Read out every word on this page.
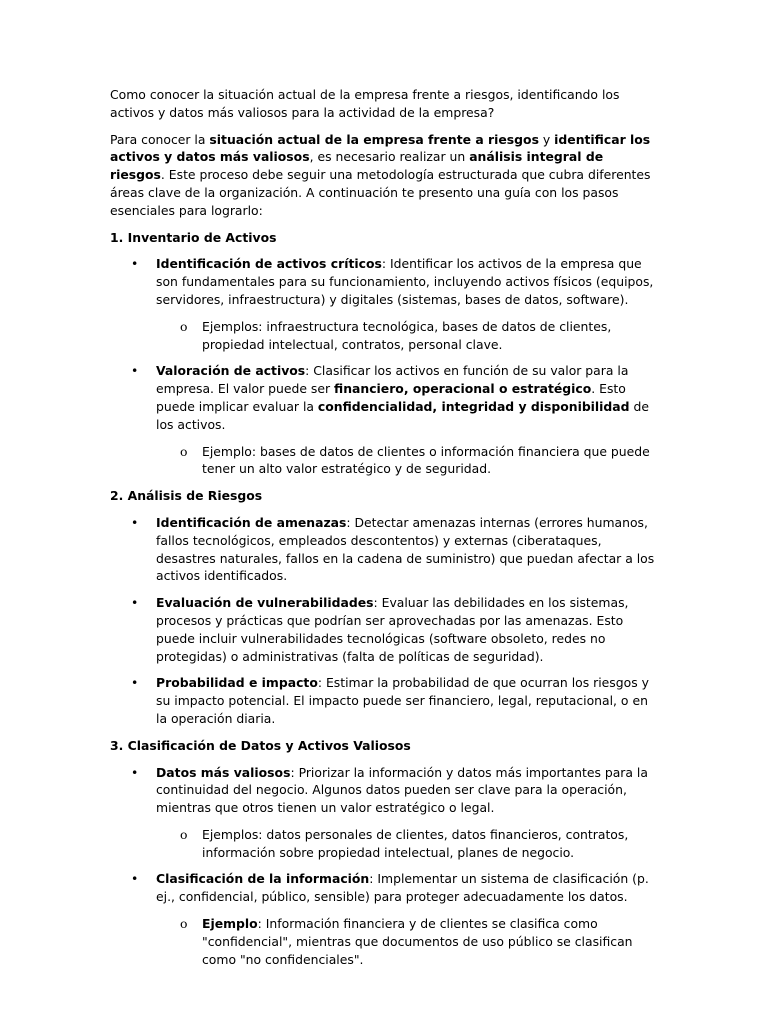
Como conocer la situación actual de la empresa frente a riesgos, identificando los activos y datos más valiosos para la actividad de la empresa?

Para conocer la situación actual de la empresa frente a riesgos y identificar los activos y datos más valiosos, es necesario realizar un análisis integral de riesgos. Este proceso debe seguir una metodología estructurada que cubra diferentes áreas clave de la organización. A continuación te presento una guía con los pasos esenciales para lograrlo:

1. Inventario de Activos
• Identificación de activos críticos: Identificar los activos de la empresa que son fundamentales para su funcionamiento, incluyendo activos físicos (equipos, servidores, infraestructura) y digitales (sistemas, bases de datos, software).
o Ejemplos: infraestructura tecnológica, bases de datos de clientes, propiedad intelectual, contratos, personal clave.
• Valoración de activos: Clasificar los activos en función de su valor para la empresa. El valor puede ser financiero, operacional o estratégico. Esto puede implicar evaluar la confidencialidad, integridad y disponibilidad de los activos.
o Ejemplo: bases de datos de clientes o información financiera que puede tener un alto valor estratégico y de seguridad.
2. Análisis de Riesgos
• Identificación de amenazas: Detectar amenazas internas (errores humanos, fallos tecnológicos, empleados descontentos) y externas (ciberataques, desastres naturales, fallos en la cadena de suministro) que puedan afectar a los activos identificados.
• Evaluación de vulnerabilidades: Evaluar las debilidades en los sistemas, procesos y prácticas que podrían ser aprovechadas por las amenazas. Esto puede incluir vulnerabilidades tecnológicas (software obsoleto, redes no protegidas) o administrativas (falta de políticas de seguridad).
• Probabilidad e impacto: Estimar la probabilidad de que ocurran los riesgos y su impacto potencial. El impacto puede ser financiero, legal, reputacional, o en la operación diaria.
3. Clasificación de Datos y Activos Valiosos
• Datos más valiosos: Priorizar la información y datos más importantes para la continuidad del negocio. Algunos datos pueden ser clave para la operación, mientras que otros tienen un valor estratégico o legal.
o Ejemplos: datos personales de clientes, datos financieros, contratos, información sobre propiedad intelectual, planes de negocio.
• Clasificación de la información: Implementar un sistema de clasificación (p. ej., confidencial, público, sensible) para proteger adecuadamente los datos.
o Ejemplo: Información financiera y de clientes se clasifica como "confidencial", mientras que documentos de uso público se clasifican como "no confidenciales".
